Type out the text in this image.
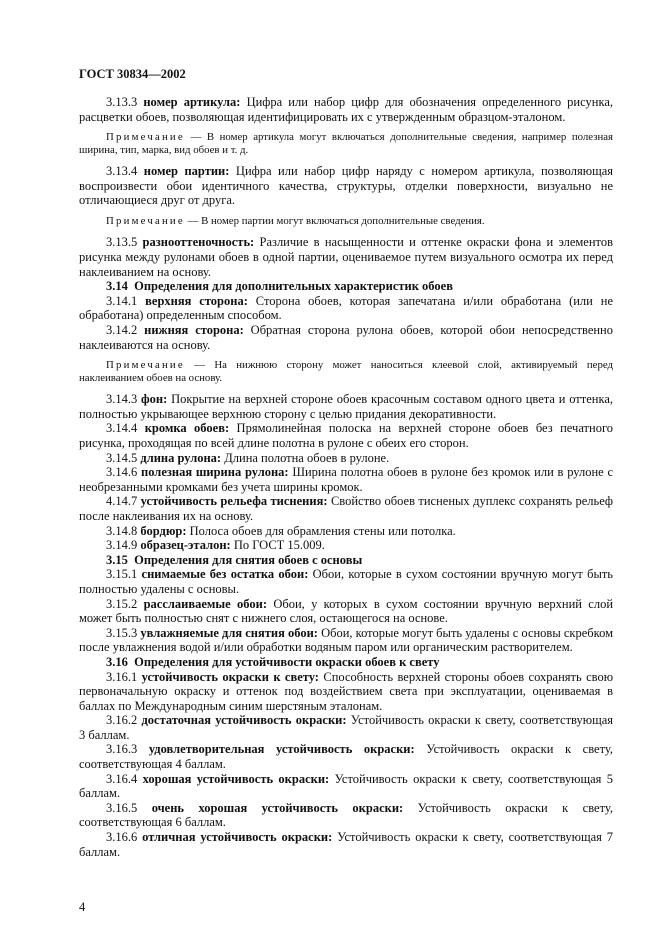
ГОСТ 30834—2002

3.13.3 номер артикула: Цифра или набор цифр для обозначения определенного рисунка, расцветки обоев, позволяющая идентифицировать их с утвержденным образцом-эталоном.

Примечание — В номер артикула могут включаться дополнительные сведения, например полезная ширина, тип, марка, вид обоев и т. д.

3.13.4 номер партии: Цифра или набор цифр наряду с номером артикула, позволяющая воспроизвести обои идентичного качества, структуры, отделки поверхности, визуально не отличающиеся друг от друга.

Примечание — В номер партии могут включаться дополнительные сведения.

3.13.5 разнооттеночность: Различие в насыщенности и оттенке окраски фона и элементов рисунка между рулонами обоев в одной партии, оцениваемое путем визуального осмотра их перед наклеиванием на основу.

3.14 Определения для дополнительных характеристик обоев

3.14.1 верхняя сторона: Сторона обоев, которая запечатана и/или обработана (или не обработана) определенным способом.

3.14.2 нижняя сторона: Обратная сторона рулона обоев, которой обои непосредственно наклеиваются на основу.

Примечание — На нижнюю сторону может наноситься клеевой слой, активируемый перед наклеиванием обоев на основу.

3.14.3 фон: Покрытие на верхней стороне обоев красочным составом одного цвета и оттенка, полностью укрывающее верхнюю сторону с целью придания декоративности.

3.14.4 кромка обоев: Прямолинейная полоска на верхней стороне обоев без печатного рисунка, проходящая по всей длине полотна в рулоне с обеих его сторон.

3.14.5 длина рулона: Длина полотна обоев в рулоне.

3.14.6 полезная ширина рулона: Ширина полотна обоев в рулоне без кромок или в рулоне с необрезанными кромками без учета ширины кромок.

4.14.7 устойчивость рельефа тиснения: Свойство обоев тисненых дуплекс сохранять рельеф после наклеивания их на основу.

3.14.8 бордюр: Полоса обоев для обрамления стены или потолка.

3.14.9 образец-эталон: По ГОСТ 15.009.

3.15 Определения для снятия обоев с основы

3.15.1 снимаемые без остатка обои: Обои, которые в сухом состоянии вручную могут быть полностью удалены с основы.

3.15.2 расслаиваемые обои: Обои, у которых в сухом состоянии вручную верхний слой может быть полностью снят с нижнего слоя, остающегося на основе.

3.15.3 увлажняемые для снятия обои: Обои, которые могут быть удалены с основы скребком после увлажнения водой и/или обработки водяным паром или органическим растворителем.

3.16 Определения для устойчивости окраски обоев к свету

3.16.1 устойчивость окраски к свету: Способность верхней стороны обоев сохранять свою первоначальную окраску и оттенок под воздействием света при эксплуатации, оцениваемая в баллах по Международным синим шерстяным эталонам.

3.16.2 достаточная устойчивость окраски: Устойчивость окраски к свету, соответствующая 3 баллам.

3.16.3 удовлетворительная устойчивость окраски: Устойчивость окраски к свету, соответствующая 4 баллам.

3.16.4 хорошая устойчивость окраски: Устойчивость окраски к свету, соответствующая 5 баллам.

3.16.5 очень хорошая устойчивость окраски: Устойчивость окраски к свету, соответствующая 6 баллам.

3.16.6 отличная устойчивость окраски: Устойчивость окраски к свету, соответствующая 7 баллам.

4
